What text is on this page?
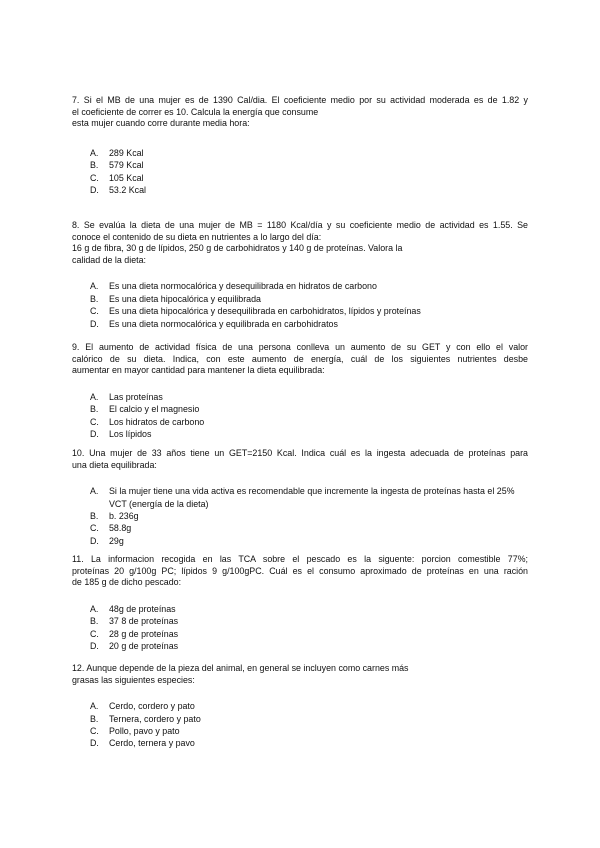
7. Si el MB de una mujer es de 1390 Cal/dia. El coeficiente medio por su actividad moderada es de 1.82 y
el coeficiente de correr es 10. Calcula la energía que consume
esta mujer cuando corre durante media hora:

A. 289 Kcal
B. 579 Kcal
C. 105 Kcal
D. 53.2 Kcal

8. Se evalúa la dieta de una mujer de MB = 1180 Kcal/día y su coeficiente medio de actividad es 1.55. Se
conoce el contenido de su dieta en nutrientes a lo largo del día:
16 g de fibra, 30 g de lípidos, 250 g de carbohidratos y 140 g de proteínas. Valora la
calidad de la dieta:

A. Es una dieta normocalórica y desequilibrada en hidratos de carbono
B. Es una dieta hipocalórica y equilibrada
C. Es una dieta hipocalórica y desequilibrada en carbohidratos, lípidos y proteínas
D. Es una dieta normocalórica y equilibrada en carbohidratos

9. El aumento de actividad física de una persona conlleva un aumento de su GET y con ello el valor
calórico de su dieta. Indica, con este aumento de energía, cuál de los siguientes nutrientes desbe
aumentar en mayor cantidad para mantener la dieta equilibrada:

A. Las proteínas
B. El calcio y el magnesio
C. Los hidratos de carbono
D. Los lípidos

10. Una mujer de 33 años tiene un GET=2150 Kcal. Indica cuál es la ingesta adecuada de proteínas para
una dieta equilibrada:

A. Si la mujer tiene una vida activa es recomendable que incremente la ingesta de proteínas hasta el 25%
VCT (energía de la dieta)
B. b. 236g
C. 58.8g
D. 29g

11. La informacion recogida en las TCA sobre el pescado es la siguente: porcion comestible 77%;
proteínas 20 g/100g PC; lípidos 9 g/100gPC. Cuál es el consumo aproximado de proteínas en una ración
de 185 g de dicho pescado:

A. 48g de proteínas
B. 37 8 de proteínas
C. 28 g de proteínas
D. 20 g de proteínas

12. Aunque depende de la pieza del animal, en general se incluyen como carnes más
grasas las siguientes especies:

A. Cerdo, cordero y pato
B. Ternera, cordero y pato
C. Pollo, pavo y pato
D. Cerdo, ternera y pavo
